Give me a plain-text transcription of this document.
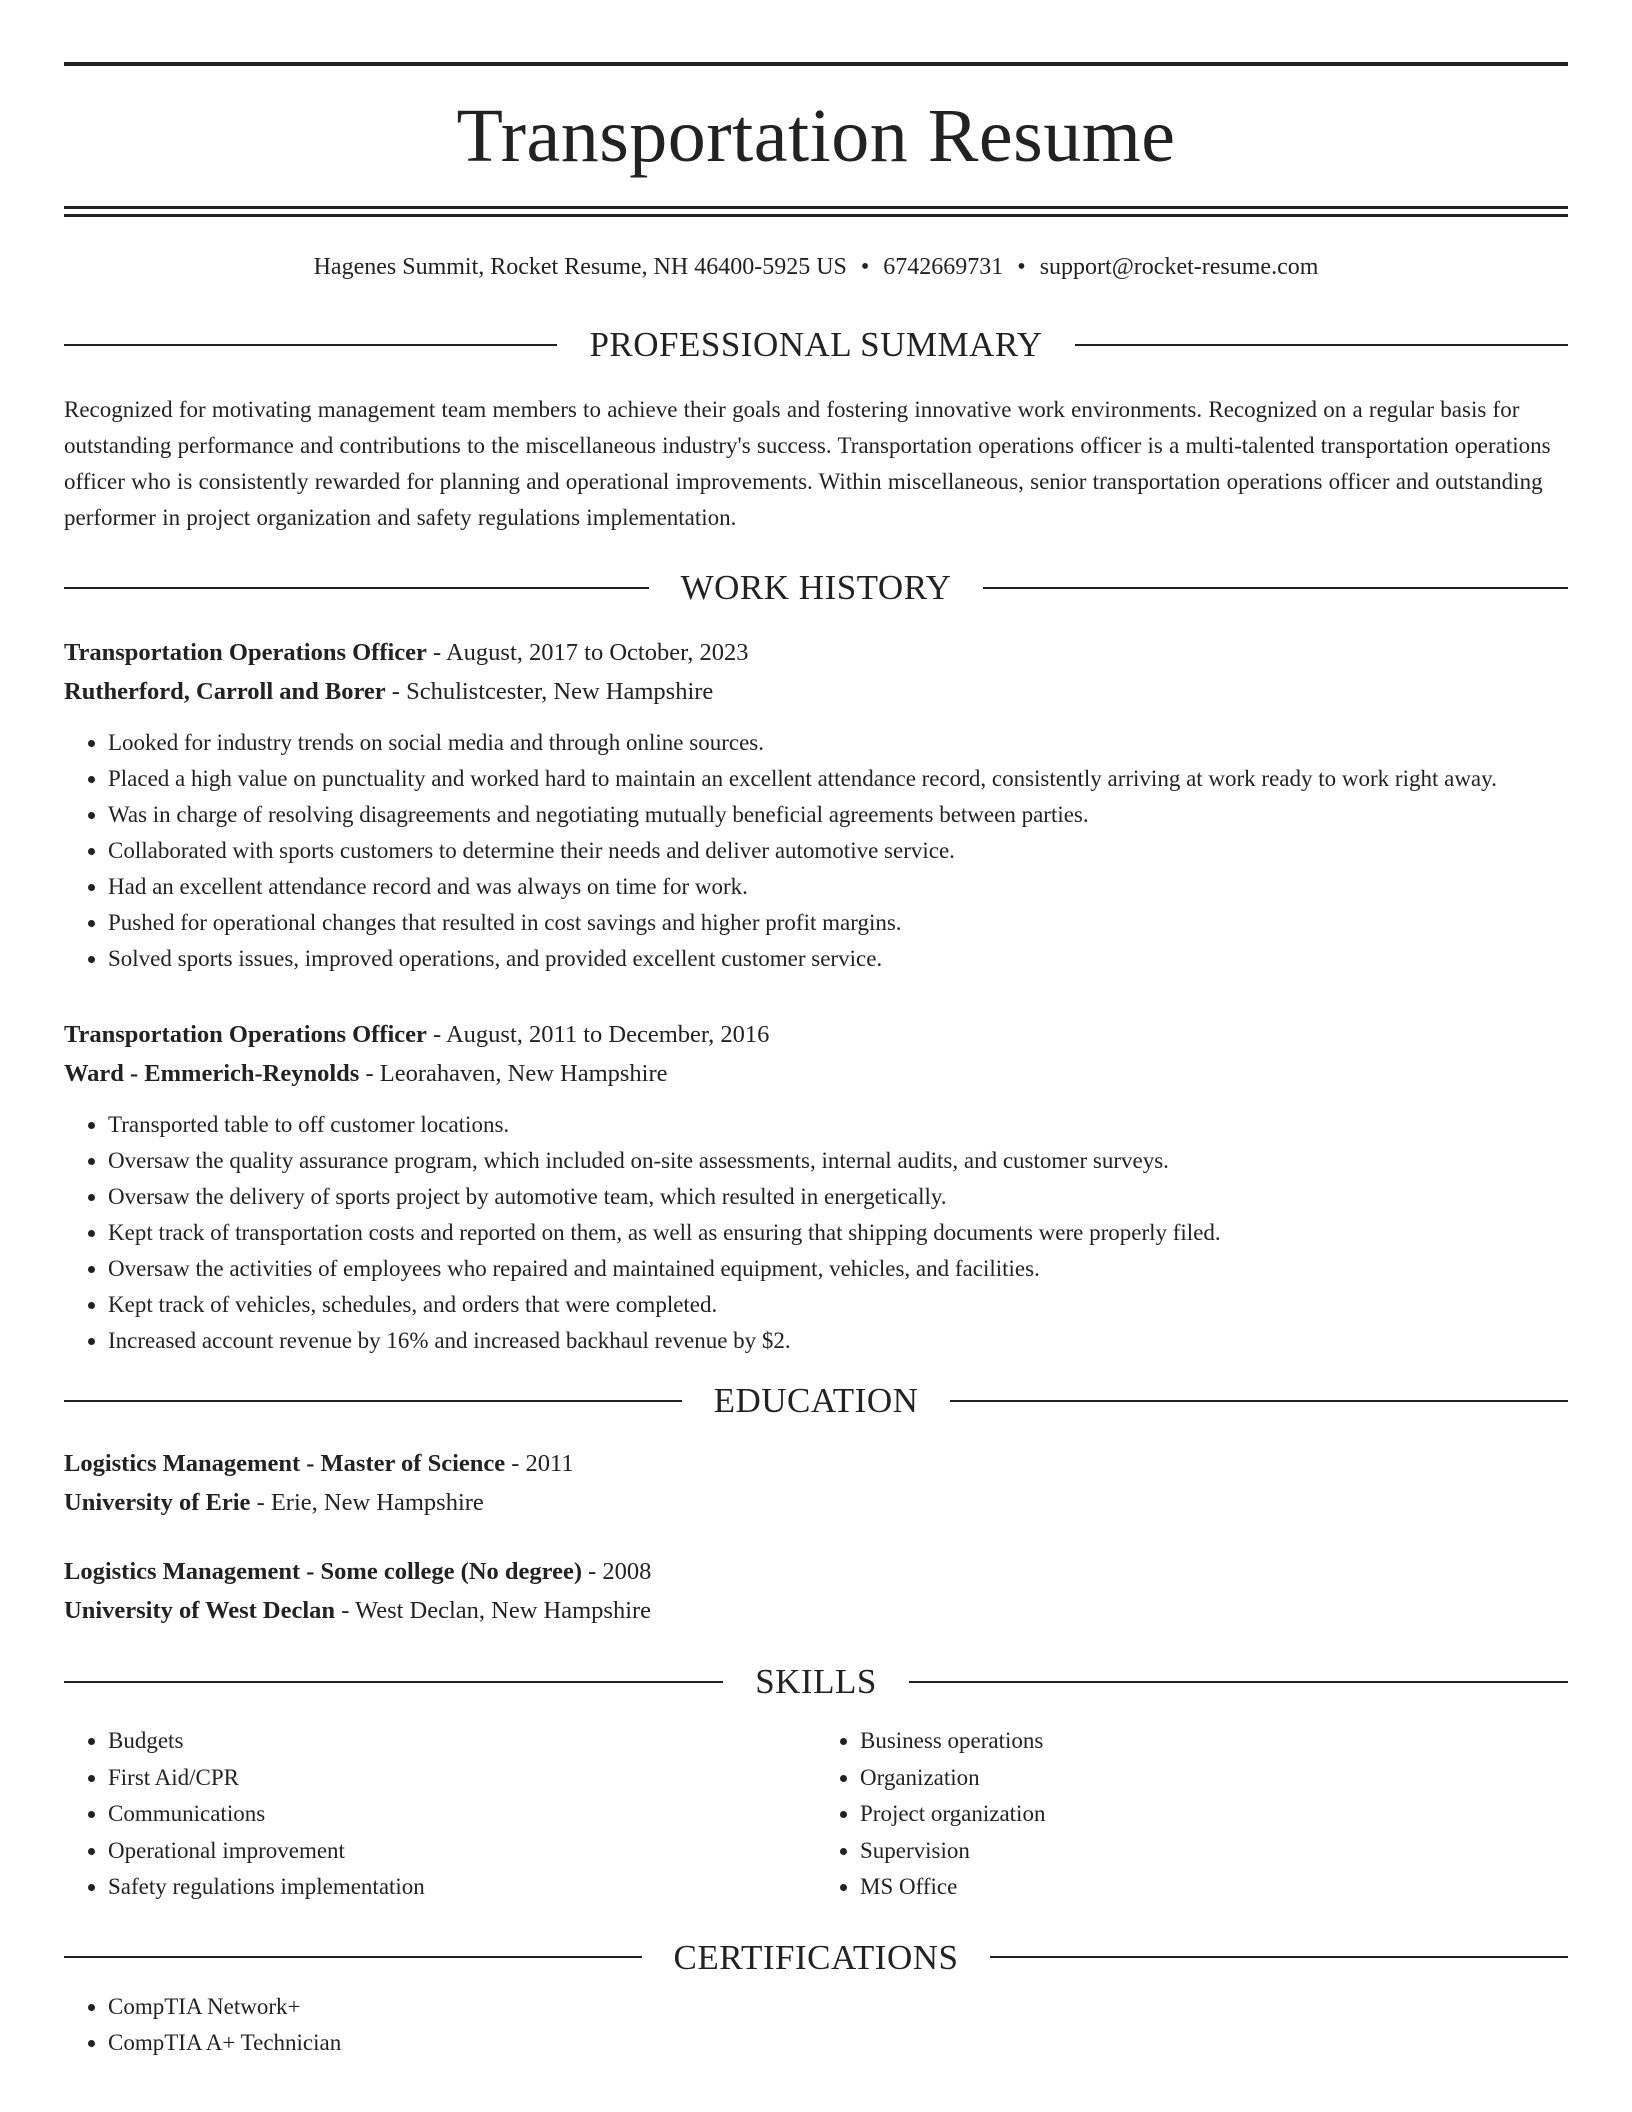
Transportation Resume
Hagenes Summit, Rocket Resume, NH 46400-5925 US • 6742669731 • support@rocket-resume.com
PROFESSIONAL SUMMARY

Recognized for motivating management team members to achieve their goals and fostering innovative work environments. Recognized on a regular basis for outstanding performance and contributions to the miscellaneous industry's success. Transportation operations officer is a multi-talented transportation operations officer who is consistently rewarded for planning and operational improvements. Within miscellaneous, senior transportation operations officer and outstanding performer in project organization and safety regulations implementation.

WORK HISTORY
Transportation Operations Officer - August, 2017 to October, 2023
Rutherford, Carroll and Borer - Schulistcester, New Hampshire
• Looked for industry trends on social media and through online sources.
• Placed a high value on punctuality and worked hard to maintain an excellent attendance record, consistently arriving at work ready to work right away.
• Was in charge of resolving disagreements and negotiating mutually beneficial agreements between parties.
• Collaborated with sports customers to determine their needs and deliver automotive service.
• Had an excellent attendance record and was always on time for work.
• Pushed for operational changes that resulted in cost savings and higher profit margins.
• Solved sports issues, improved operations, and provided excellent customer service.
Transportation Operations Officer - August, 2011 to December, 2016
Ward - Emmerich-Reynolds - Leorahaven, New Hampshire
• Transported table to off customer locations.
• Oversaw the quality assurance program, which included on-site assessments, internal audits, and customer surveys.
• Oversaw the delivery of sports project by automotive team, which resulted in energetically.
• Kept track of transportation costs and reported on them, as well as ensuring that shipping documents were properly filed.
• Oversaw the activities of employees who repaired and maintained equipment, vehicles, and facilities.
• Kept track of vehicles, schedules, and orders that were completed.
• Increased account revenue by 16% and increased backhaul revenue by $2.
EDUCATION
Logistics Management - Master of Science - 2011
University of Erie - Erie, New Hampshire
Logistics Management - Some college (No degree) - 2008
University of West Declan - West Declan, New Hampshire
SKILLS
• Budgets
• First Aid/CPR
• Communications
• Operational improvement
• Safety regulations implementation
• Business operations
• Organization
• Project organization
• Supervision
• MS Office
CERTIFICATIONS
• CompTIA Network+
• CompTIA A+ Technician
